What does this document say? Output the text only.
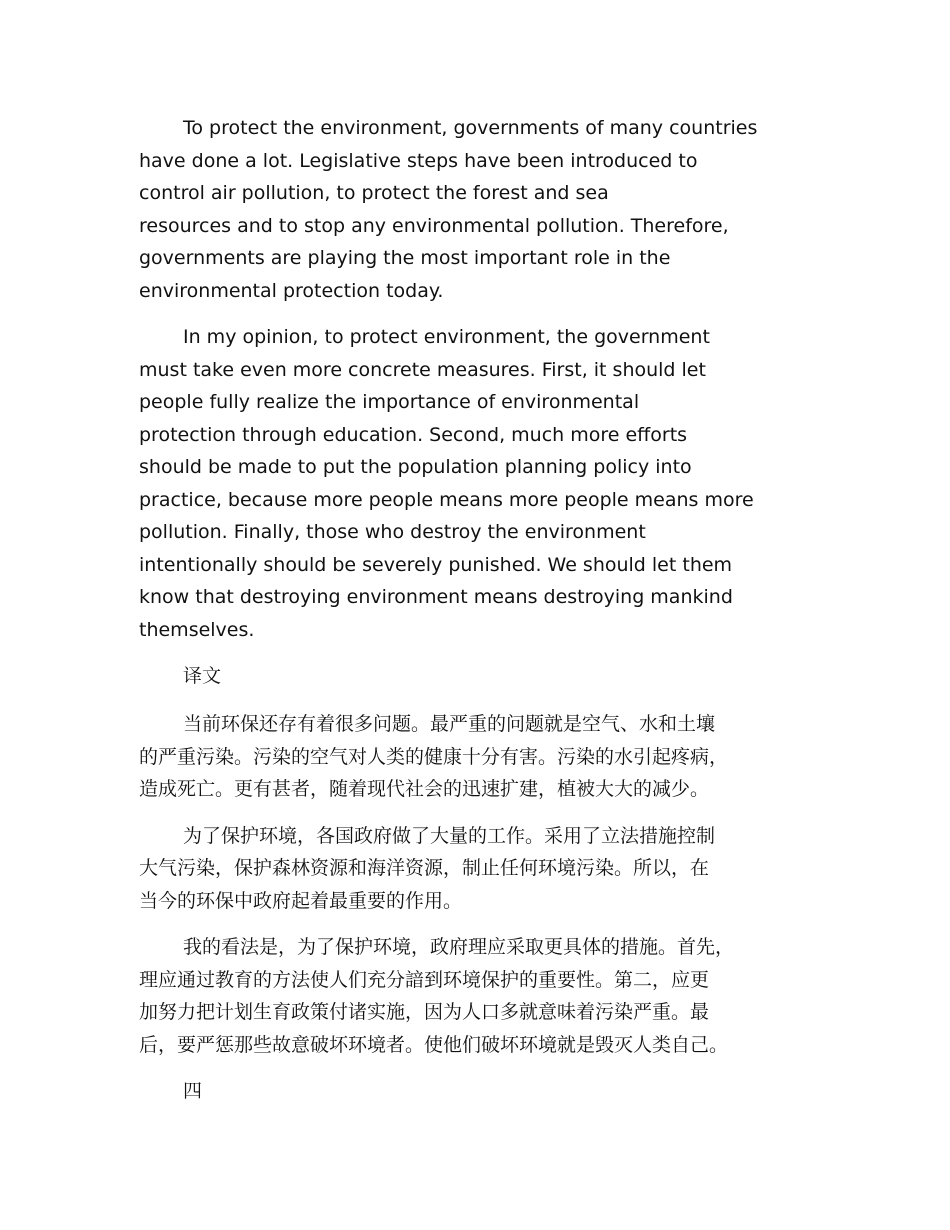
To protect the environment, governments of many countries
have done a lot. Legislative steps have been introduced to
control air pollution, to protect the forest and sea
resources and to stop any environmental pollution. Therefore,
governments are playing the most important role in the
environmental protection today.
In my opinion, to protect environment, the government
must take even more concrete measures. First, it should let
people fully realize the importance of environmental
protection through education. Second, much more efforts
should be made to put the population planning policy into
practice, because more people means more people means more
pollution. Finally, those who destroy the environment
intentionally should be severely punished. We should let them
know that destroying environment means destroying mankind
themselves.
译文
当前环保还存有着很多问题。最严重的问题就是空气、水和土壤
的严重污染。污染的空气对人类的健康十分有害。污染的水引起疼病，
造成死亡。更有甚者，随着现代社会的迅速扩建，植被大大的减少。
为了保护环境，各国政府做了大量的工作。采用了立法措施控制
大气污染，保护森林资源和海洋资源，制止任何环境污染。所以，在
当今的环保中政府起着最重要的作用。
我的看法是，为了保护环境，政府理应采取更具体的措施。首先，
理应通过教育的方法使人们充分諳到环境保护的重要性。第二，应更
加努力把计划生育政策付诸实施，因为人口多就意味着污染严重。最
后，要严惩那些故意破坏环境者。使他们破坏环境就是毁灭人类自己。
四
